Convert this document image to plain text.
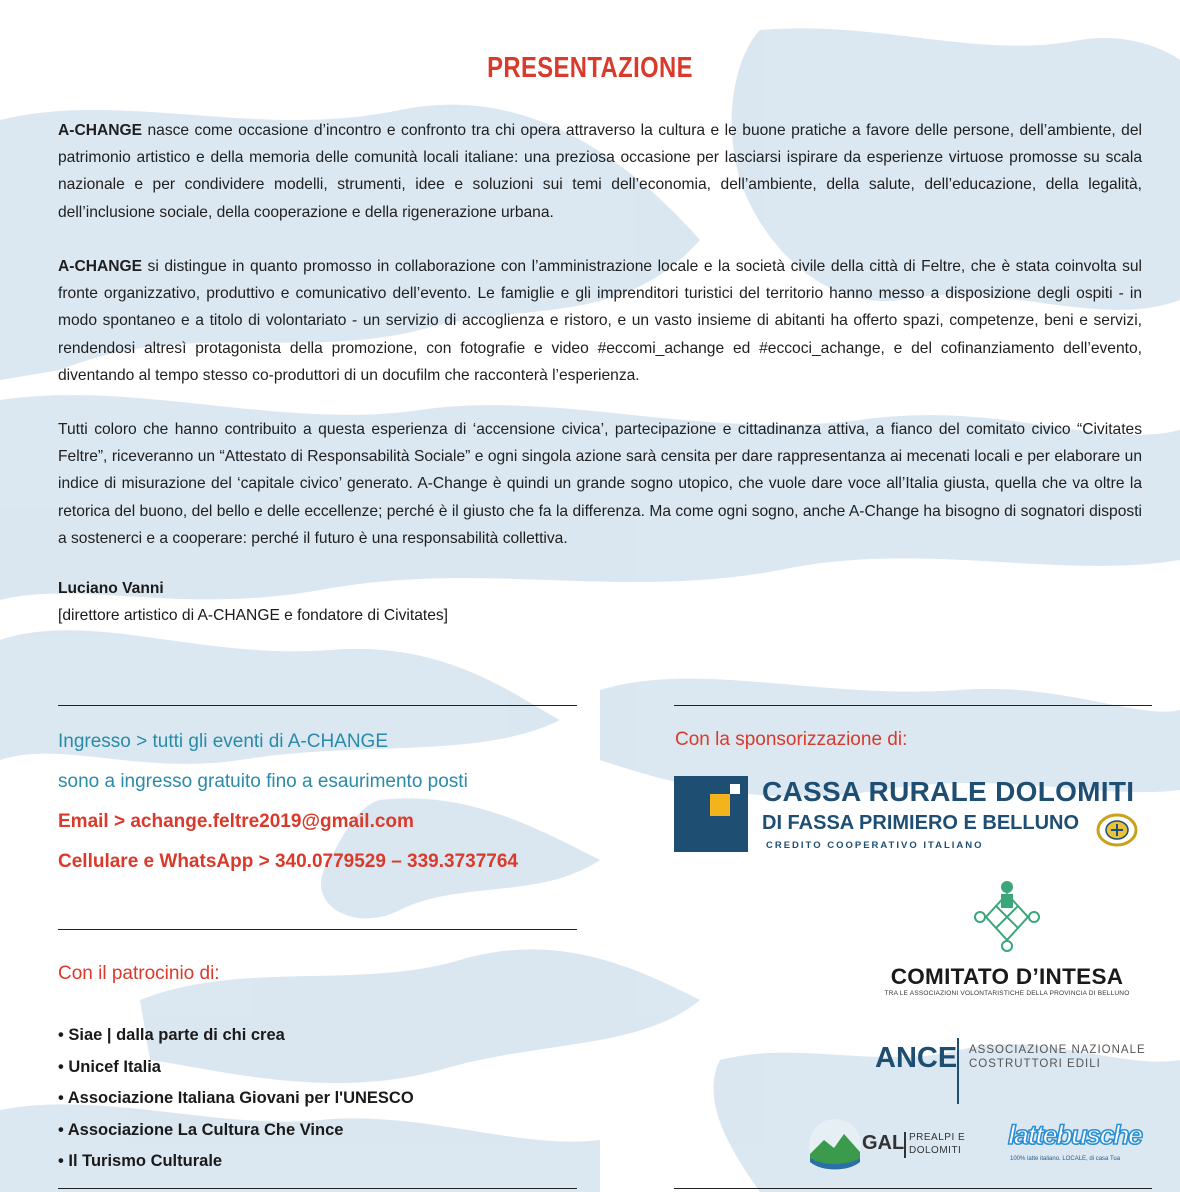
PRESENTAZIONE
A-CHANGE nasce come occasione d’incontro e confronto tra chi opera attraverso la cultura e le buone pratiche a favore delle persone, dell’ambiente, del patrimonio artistico e della memoria delle comunità locali italiane: una preziosa occasione per lasciarsi ispirare da esperienze virtuose promosse su scala nazionale e per condividere modelli, strumenti, idee e soluzioni sui temi dell’economia, dell’ambiente, della salute, dell’educazione, della legalità, dell’inclusione sociale, della cooperazione e della rigenerazione urbana.
A-CHANGE si distingue in quanto promosso in collaborazione con l’amministrazione locale e la società civile della città di Feltre, che è stata coinvolta sul fronte organizzativo, produttivo e comunicativo dell’evento. Le famiglie e gli imprenditori turistici del territorio hanno messo a disposizione degli ospiti - in modo spontaneo e a titolo di volontariato - un servizio di accoglienza e ristoro, e un vasto insieme di abitanti ha offerto spazi, competenze, beni e servizi, rendendosi altresì protagonista della promozione, con fotografie e video #eccomi_achange ed #eccoci_achange, e del cofinanziamento dell’evento, diventando al tempo stesso co-produttori di un docufilm che racconterà l’esperienza.
Tutti coloro che hanno contribuito a questa esperienza di ‘accensione civica’, partecipazione e cittadinanza attiva, a fianco del comitato civico “Civitates Feltre”, riceveranno un “Attestato di Responsabilità Sociale” e ogni singola azione sarà censita per dare rappresentanza ai mecenati locali e per elaborare un indice di misurazione del ‘capitale civico’ generato. A-Change è quindi un grande sogno utopico, che vuole dare voce all’Italia giusta, quella che va oltre la retorica del buono, del bello e delle eccellenze; perché è il giusto che fa la differenza. Ma come ogni sogno, anche A-Change ha bisogno di sognatori disposti a sostenerci e a cooperare: perché il futuro è una responsabilità collettiva.
Luciano Vanni
[direttore artistico di A-CHANGE e fondatore di Civitates]
Ingresso > tutti gli eventi di A-CHANGE
sono a ingresso gratuito fino a esaurimento posti
Email > achange.feltre2019@gmail.com
Cellulare e WhatsApp > 340.0779529 – 339.3737764
Con il patrocinio di:
• Siae | dalla parte di chi crea
• Unicef Italia
• Associazione Italiana Giovani per l'UNESCO
• Associazione La Cultura Che Vince
• Il Turismo Culturale
Con la sponsorizzazione di:
CASSA RURALE DOLOMITI
DI FASSA PRIMIERO E BELLUNO
CREDITO COOPERATIVO ITALIANO
COMITATO D’INTESA
TRA LE ASSOCIAZIONI VOLONTARISTICHE DELLA PROVINCIA DI BELLUNO
ANCE ASSOCIAZIONE NAZIONALE
COSTRUTTORI EDILI
GAL PREALPI E
DOLOMITI
lattebusche
100% latte italiano. LOCALE, di casa Tua
